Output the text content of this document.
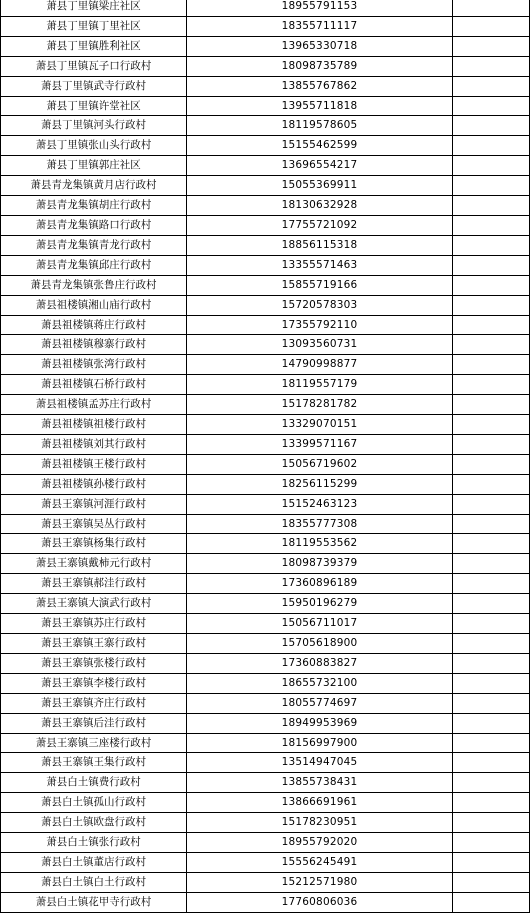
萧县丁里镇梁庄社区	18955791153	
萧县丁里镇丁里社区	18355711117	
萧县丁里镇胜利社区	13965330718	
萧县丁里镇瓦子口行政村	18098735789	
萧县丁里镇武寺行政村	13855767862	
萧县丁里镇许堂社区	13955711818	
萧县丁里镇河头行政村	18119578605	
萧县丁里镇张山头行政村	15155462599	
萧县丁里镇郭庄社区	13696554217	
萧县青龙集镇黄月店行政村	15055369911	
萧县青龙集镇胡庄行政村	18130632928	
萧县青龙集镇路口行政村	17755721092	
萧县青龙集镇青龙行政村	18856115318	
萧县青龙集镇邱庄行政村	13355571463	
萧县青龙集镇张鲁庄行政村	15855719166	
萧县祖楼镇湘山庙行政村	15720578303	
萧县祖楼镇蒋庄行政村	17355792110	
萧县祖楼镇穆寨行政村	13093560731	
萧县祖楼镇张湾行政村	14790998877	
萧县祖楼镇石桥行政村	18119557179	
萧县祖楼镇孟苏庄行政村	15178281782	
萧县祖楼镇祖楼行政村	13329070151	
萧县祖楼镇刘其行政村	13399571167	
萧县祖楼镇王楼行政村	15056719602	
萧县祖楼镇孙楼行政村	18256115299	
萧县王寨镇河涯行政村	15152463123	
萧县王寨镇吴丛行政村	18355777308	
萧县王寨镇杨集行政村	18119553562	
萧县王寨镇戴柿元行政村	18098739379	
萧县王寨镇郝洼行政村	17360896189	
萧县王寨镇大演武行政村	15950196279	
萧县王寨镇苏庄行政村	15056711017	
萧县王寨镇王寨行政村	15705618900	
萧县王寨镇张楼行政村	17360883827	
萧县王寨镇李楼行政村	18655732100	
萧县王寨镇齐庄行政村	18055774697	
萧县王寨镇后洼行政村	18949953969	
萧县王寨镇三座楼行政村	18156997900	
萧县王寨镇王集行政村	13514947045	
萧县白土镇费行政村	13855738431	
萧县白土镇孤山行政村	13866691961	
萧县白土镇欧盘行政村	15178230951	
萧县白土镇张行政村	18955792020	
萧县白土镇董店行政村	15556245491	
萧县白土镇白土行政村	15212571980	
萧县白土镇花甲寺行政村	17760806036	
